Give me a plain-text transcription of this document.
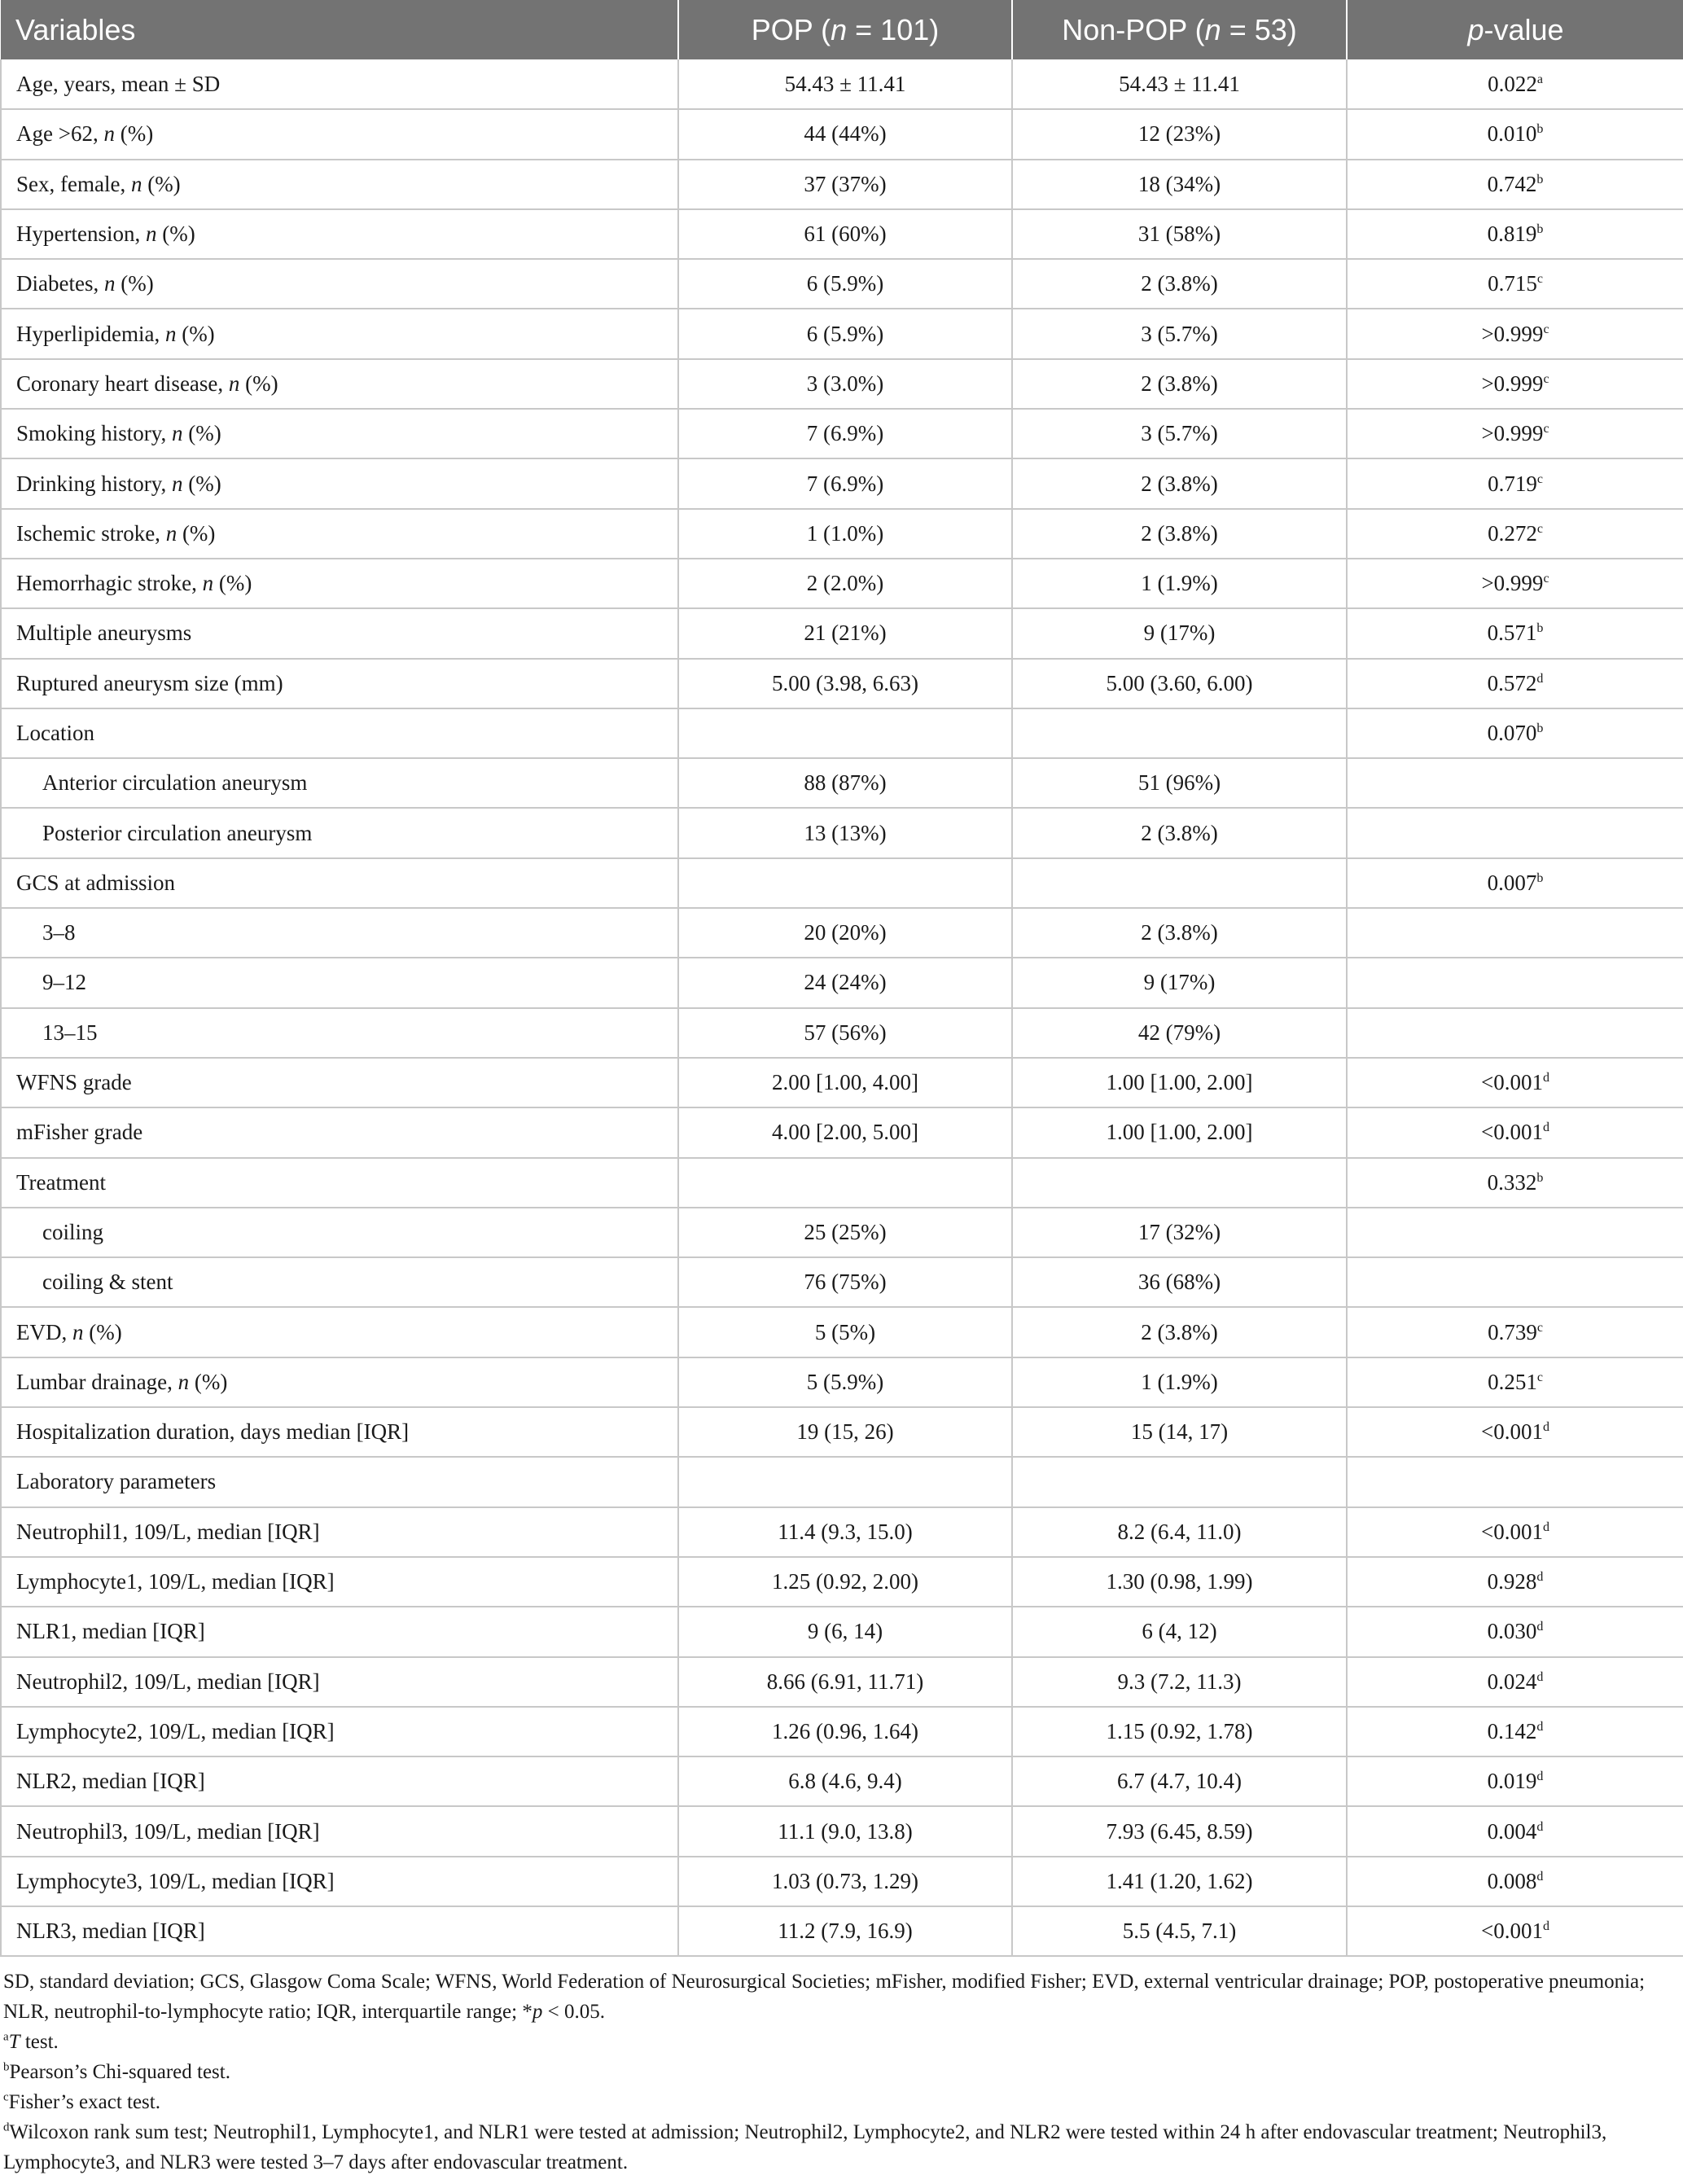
Variables	POP (n = 101)	Non-POP (n = 53)	p-value
Age, years, mean ± SD	54.43 ± 11.41	54.43 ± 11.41	0.022$^a$
Age >62, n (%)	44 (44%)	12 (23%)	0.010$^b$
Sex, female, n (%)	37 (37%)	18 (34%)	0.742$^b$
Hypertension, n (%)	61 (60%)	31 (58%)	0.819$^b$
Diabetes, n (%)	6 (5.9%)	2 (3.8%)	0.715$^c$
Hyperlipidemia, n (%)	6 (5.9%)	3 (5.7%)	>0.999$^c$
Coronary heart disease, n (%)	3 (3.0%)	2 (3.8%)	>0.999$^c$
Smoking history, n (%)	7 (6.9%)	3 (5.7%)	>0.999$^c$
Drinking history, n (%)	7 (6.9%)	2 (3.8%)	0.719$^c$
Ischemic stroke, n (%)	1 (1.0%)	2 (3.8%)	0.272$^c$
Hemorrhagic stroke, n (%)	2 (2.0%)	1 (1.9%)	>0.999$^c$
Multiple aneurysms	21 (21%)	9 (17%)	0.571$^b$
Ruptured aneurysm size (mm)	5.00 (3.98, 6.63)	5.00 (3.60, 6.00)	0.572$^d$
Location			0.070$^b$
Anterior circulation aneurysm	88 (87%)	51 (96%)	
Posterior circulation aneurysm	13 (13%)	2 (3.8%)	
GCS at admission			0.007$^b$
3–8	20 (20%)	2 (3.8%)	
9–12	24 (24%)	9 (17%)	
13–15	57 (56%)	42 (79%)	
WFNS grade	2.00 [1.00, 4.00]	1.00 [1.00, 2.00]	<0.001$^d$
mFisher grade	4.00 [2.00, 5.00]	1.00 [1.00, 2.00]	<0.001$^d$
Treatment			0.332$^b$
coiling	25 (25%)	17 (32%)	
coiling & stent	76 (75%)	36 (68%)	
EVD, n (%)	5 (5%)	2 (3.8%)	0.739$^c$
Lumbar drainage, n (%)	5 (5.9%)	1 (1.9%)	0.251$^c$
Hospitalization duration, days median [IQR]	19 (15, 26)	15 (14, 17)	<0.001$^d$
Laboratory parameters			
Neutrophil1, 109/L, median [IQR]	11.4 (9.3, 15.0)	8.2 (6.4, 11.0)	<0.001$^d$
Lymphocyte1, 109/L, median [IQR]	1.25 (0.92, 2.00)	1.30 (0.98, 1.99)	0.928$^d$
NLR1, median [IQR]	9 (6, 14)	6 (4, 12)	0.030$^d$
Neutrophil2, 109/L, median [IQR]	8.66 (6.91, 11.71)	9.3 (7.2, 11.3)	0.024$^d$
Lymphocyte2, 109/L, median [IQR]	1.26 (0.96, 1.64)	1.15 (0.92, 1.78)	0.142$^d$
NLR2, median [IQR]	6.8 (4.6, 9.4)	6.7 (4.7, 10.4)	0.019$^d$
Neutrophil3, 109/L, median [IQR]	11.1 (9.0, 13.8)	7.93 (6.45, 8.59)	0.004$^d$
Lymphocyte3, 109/L, median [IQR]	1.03 (0.73, 1.29)	1.41 (1.20, 1.62)	0.008$^d$
NLR3, median [IQR]	11.2 (7.9, 16.9)	5.5 (4.5, 7.1)	<0.001$^d$

SD, standard deviation; GCS, Glasgow Coma Scale; WFNS, World Federation of Neurosurgical Societies; mFisher, modified Fisher; EVD, external ventricular drainage; POP, postoperative pneumonia; NLR, neutrophil-to-lymphocyte ratio; IQR, interquartile range; *p < 0.05.

$^a$T test.

$^b$Pearson’s Chi-squared test.

$^c$Fisher’s exact test.

$^d$Wilcoxon rank sum test; Neutrophil1, Lymphocyte1, and NLR1 were tested at admission; Neutrophil2, Lymphocyte2, and NLR2 were tested within 24 h after endovascular treatment; Neutrophil3, Lymphocyte3, and NLR3 were tested 3–7 days after endovascular treatment.
